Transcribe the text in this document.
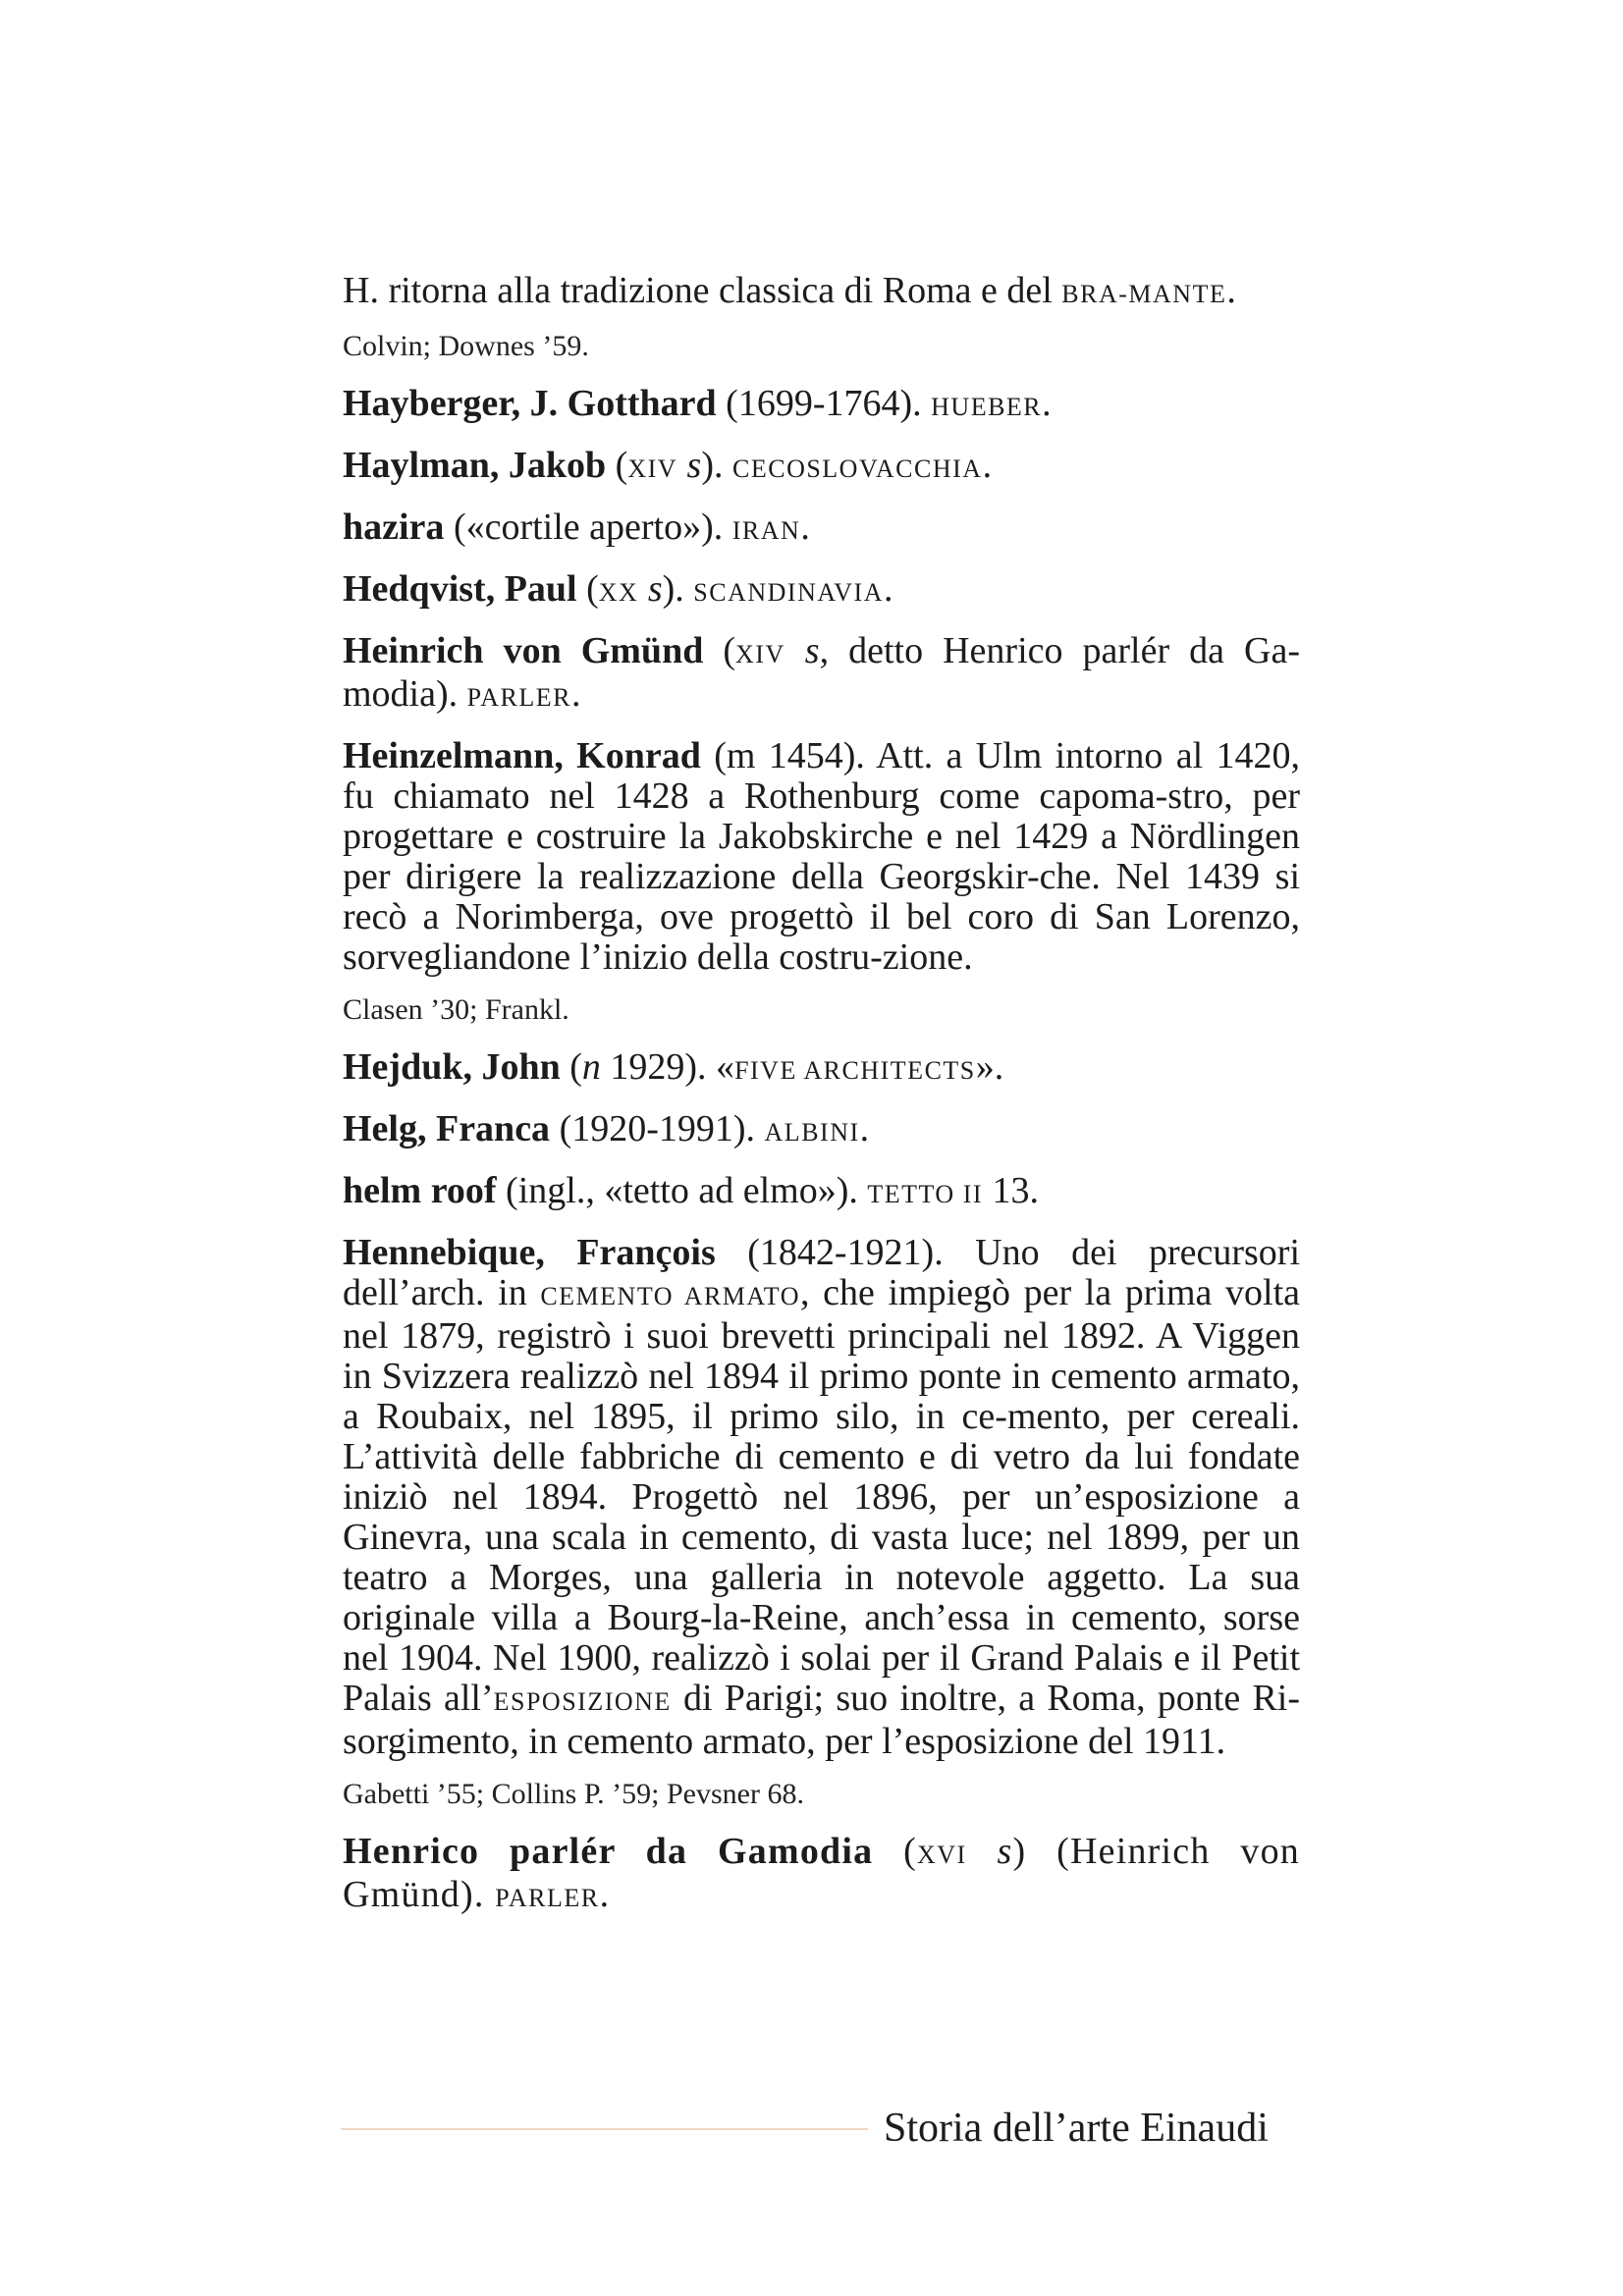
H. ritorna alla tradizione classica di Roma e del BRA-MANTE.

Colvin; Downes ’59.

Hayberger, J. Gotthard (1699-1764). HUEBER.

Haylman, Jakob (XIV s). CECOSLOVACCHIA.

hazira («cortile aperto»). IRAN.

Hedqvist, Paul (XX s). SCANDINAVIA.

Heinrich von Gmünd (XIV s, detto Henrico parlér da Ga-modia). PARLER.

Heinzelmann, Konrad (m 1454). Att. a Ulm intorno al 1420, fu chiamato nel 1428 a Rothenburg come capoma-stro, per progettare e costruire la Jakobskirche e nel 1429 a Nördlingen per dirigere la realizzazione della Georgskir-che. Nel 1439 si recò a Norimberga, ove progettò il bel coro di San Lorenzo, sorvegliandone l’inizio della costru-zione.

Clasen ’30; Frankl.

Hejduk, John (n 1929). «FIVE ARCHITECTS».

Helg, Franca (1920-1991). ALBINI.

helm roof (ingl., «tetto ad elmo»). TETTO II 13.

Hennebique, François (1842-1921). Uno dei precursori dell’arch. in CEMENTO ARMATO, che impiegò per la prima volta nel 1879, registrò i suoi brevetti principali nel 1892. A Viggen in Svizzera realizzò nel 1894 il primo ponte in cemento armato, a Roubaix, nel 1895, il primo silo, in ce-mento, per cereali. L’attività delle fabbriche di cemento e di vetro da lui fondate iniziò nel 1894. Progettò nel 1896, per un’esposizione a Ginevra, una scala in cemento, di vasta luce; nel 1899, per un teatro a Morges, una galleria in notevole aggetto. La sua originale villa a Bourg-la-Reine, anch’essa in cemento, sorse nel 1904. Nel 1900, realizzò i solai per il Grand Palais e il Petit Palais all’ESPOSIZIONE di Parigi; suo inoltre, a Roma, ponte Ri-sorgimento, in cemento armato, per l’esposizione del 1911.

Gabetti ’55; Collins P. ’59; Pevsner 68.

Henrico parlér da Gamodia (XVI s) (Heinrich von Gmünd). PARLER.

Storia dell’arte Einaudi
